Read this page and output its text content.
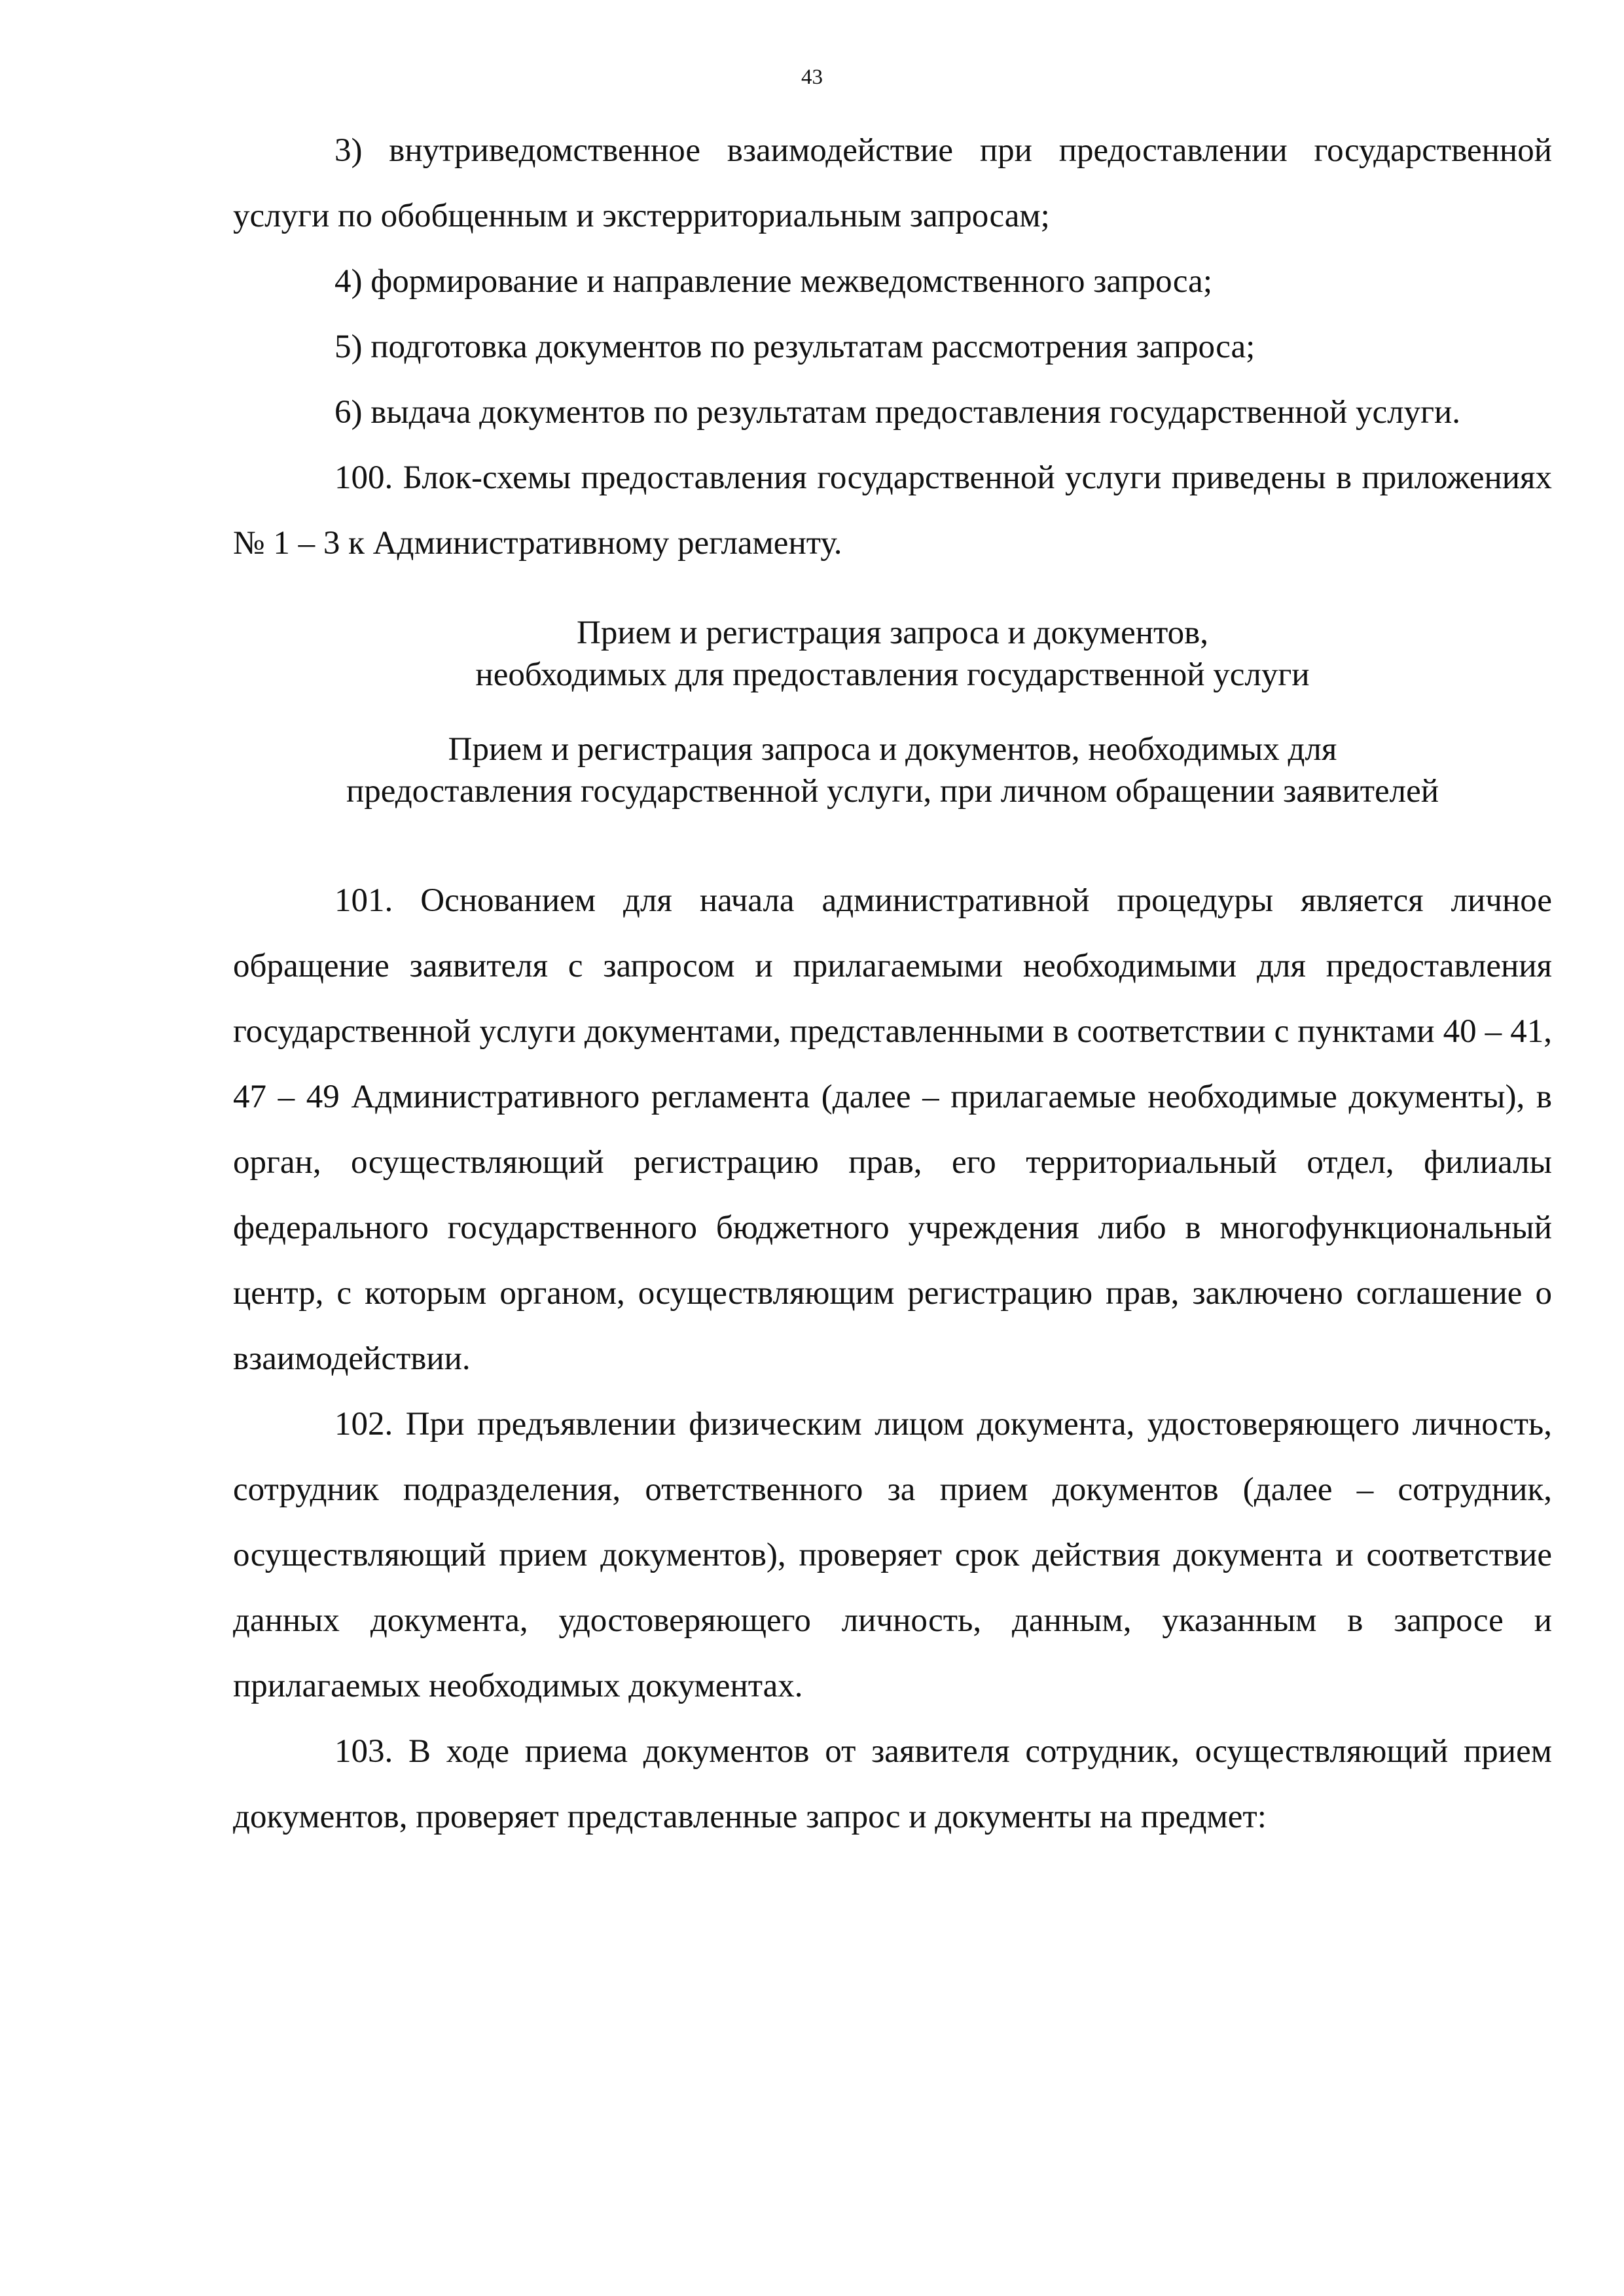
43

3) внутриведомственное взаимодействие при предоставлении государственной услуги по обобщенным и экстерриториальным запросам;

4) формирование и направление межведомственного запроса;

5) подготовка документов по результатам рассмотрения запроса;

6) выдача документов по результатам предоставления государственной услуги.

100. Блок-схемы предоставления государственной услуги приведены в приложениях № 1 – 3 к Административному регламенту.

Прием и регистрация запроса и документов,
необходимых для предоставления государственной услуги
Прием и регистрация запроса и документов, необходимых для
предоставления государственной услуги, при личном обращении заявителей

101. Основанием для начала административной процедуры является личное обращение заявителя с запросом и прилагаемыми необходимыми для предоставления государственной услуги документами, представленными в соответствии с пунктами 40 – 41, 47 – 49 Административного регламента (далее – прилагаемые необходимые документы), в орган, осуществляющий регистрацию прав, его территориальный отдел, филиалы федерального государственного бюджетного учреждения либо в многофункциональный центр, с которым органом, осуществляющим регистрацию прав, заключено соглашение о взаимодействии.

102. При предъявлении физическим лицом документа, удостоверяющего личность, сотрудник подразделения, ответственного за прием документов (далее – сотрудник, осуществляющий прием документов), проверяет срок действия документа и соответствие данных документа, удостоверяющего личность, данным, указанным в запросе и прилагаемых необходимых документах.

103. В ходе приема документов от заявителя сотрудник, осуществляющий прием документов, проверяет представленные запрос и документы на предмет:
